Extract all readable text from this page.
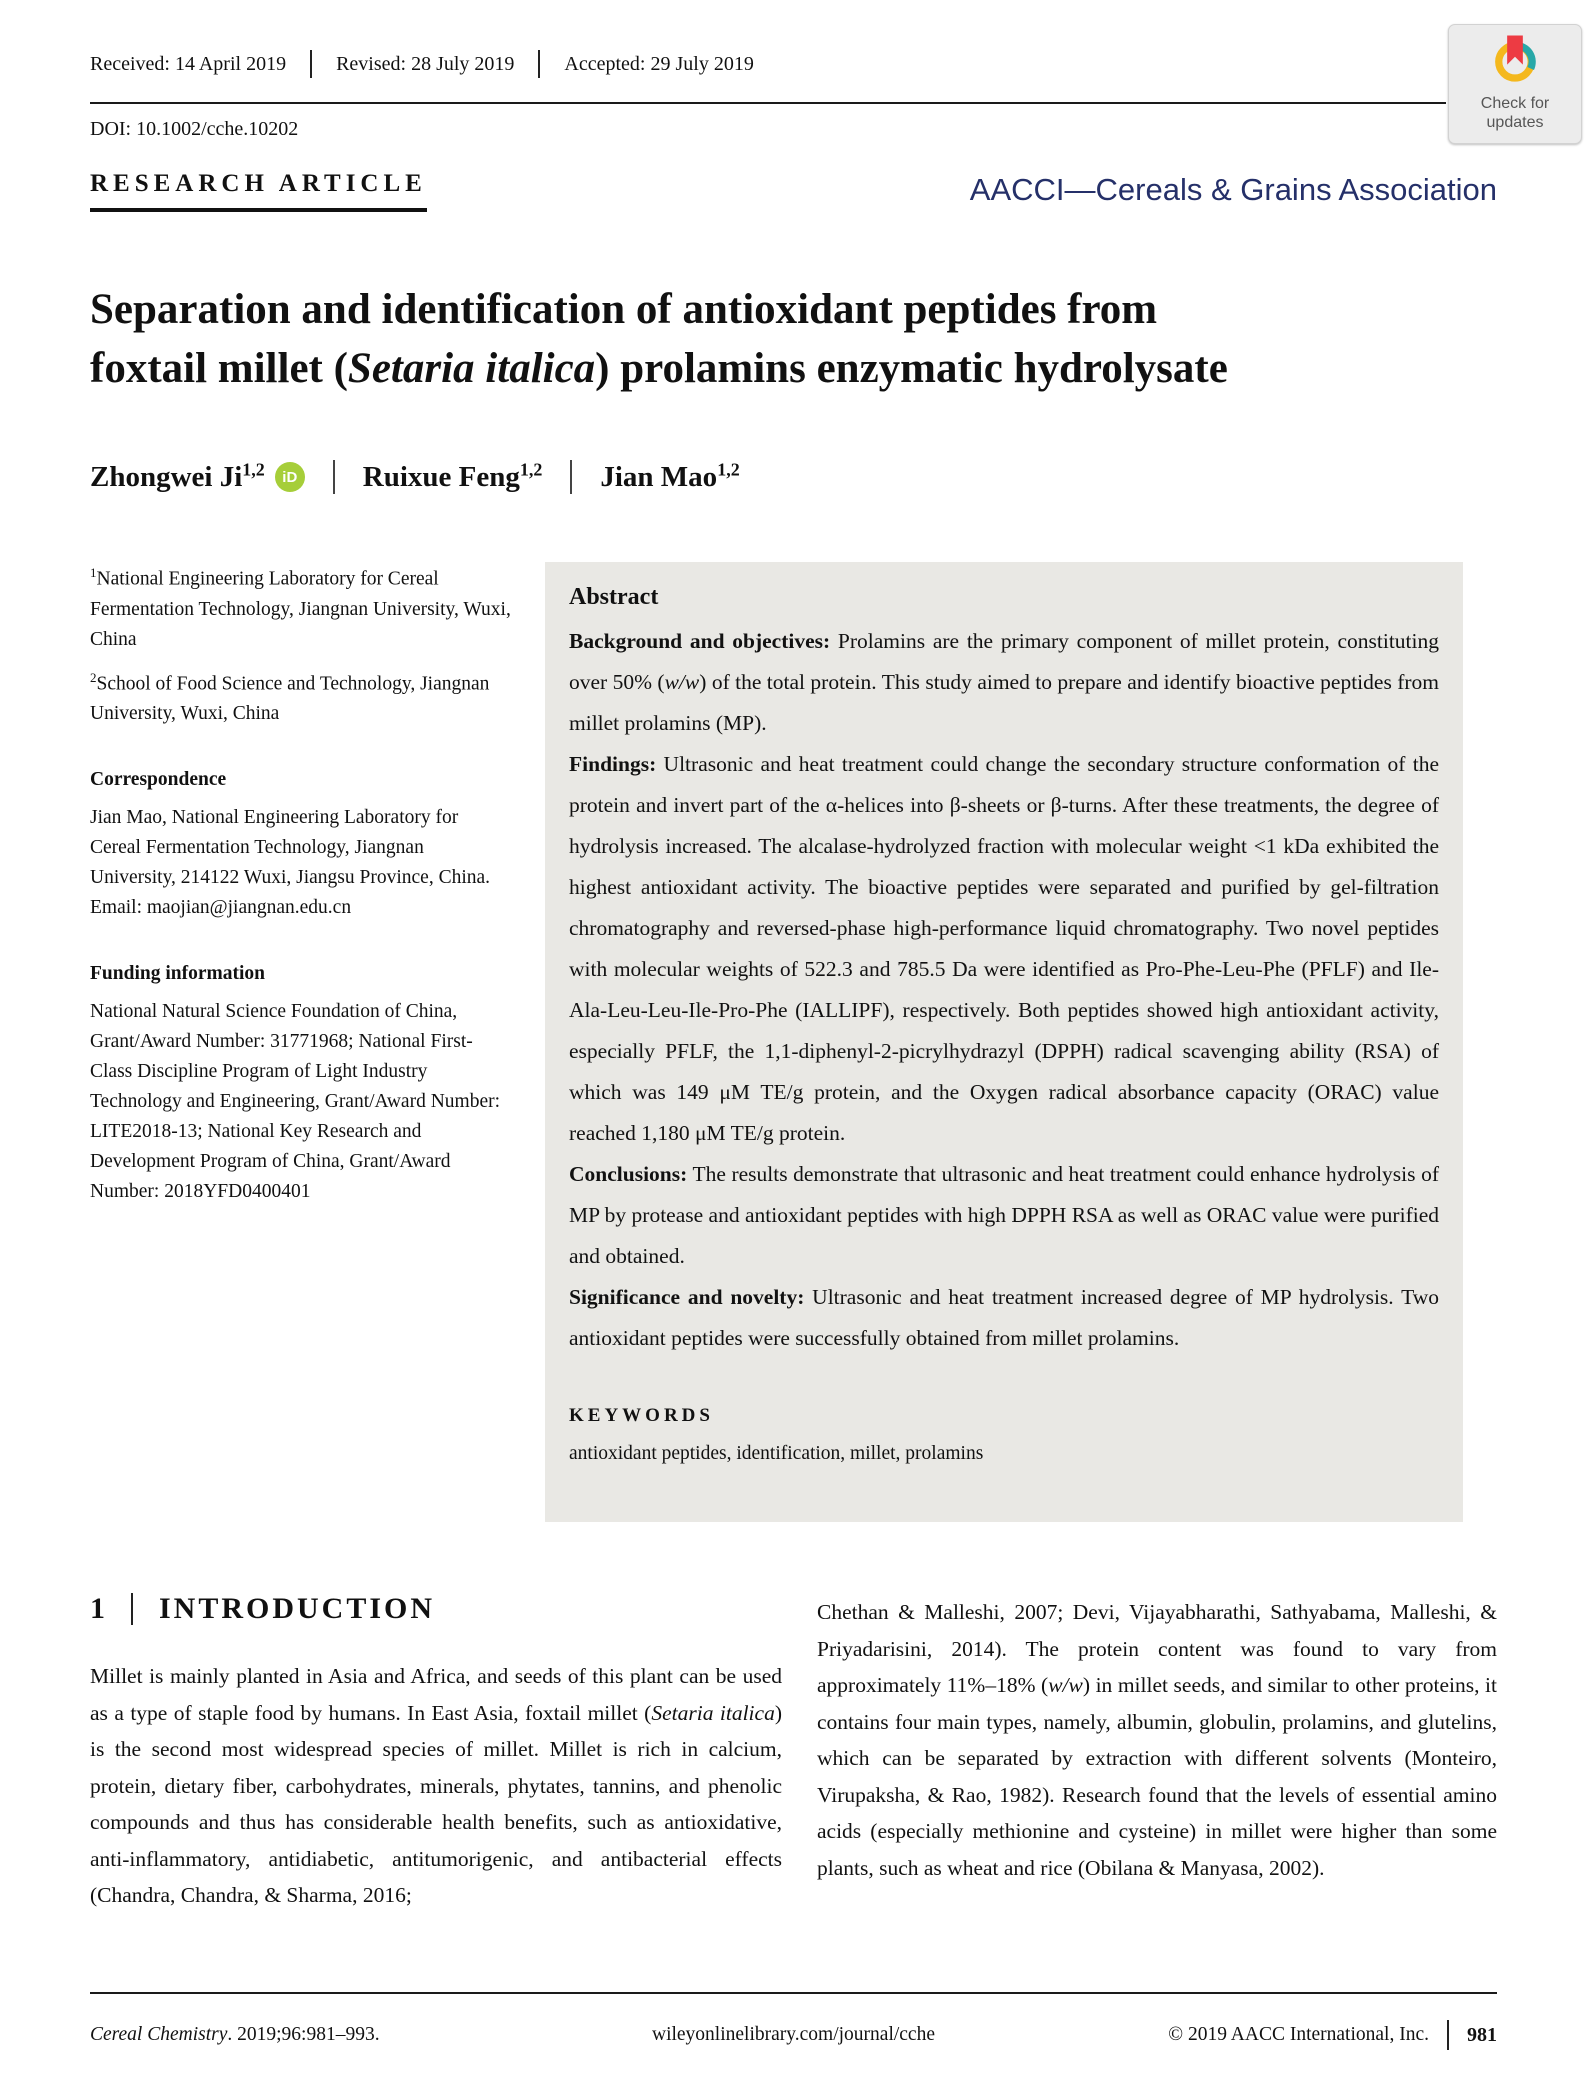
Received: 14 April 2019	Revised: 28 July 2019	Accepted: 29 July 2019
DOI: 10.1002/cche.10202
Check for
updates
RESEARCH ARTICLE	AACCI—Cereals & Grains Association
Separation and identification of antioxidant peptides from foxtail millet (Setaria italica) prolamins enzymatic hydrolysate
Zhongwei Ji$^{1,2}$	iD Ruixue Feng$^{1,2}$ Jian Mao$^{1,2}$

$^1$National Engineering Laboratory for Cereal Fermentation Technology, Jiangnan University, Wuxi, China

$^2$School of Food Science and Technology, Jiangnan University, Wuxi, China

Correspondence

Jian Mao, National Engineering Laboratory for Cereal Fermentation Technology, Jiangnan University, 214122 Wuxi, Jiangsu Province, China.

Email: maojian@jiangnan.edu.cn

Funding information

National Natural Science Foundation of China, Grant/Award Number: 31771968; National First-Class Discipline Program of Light Industry Technology and Engineering, Grant/Award Number: LITE2018-13; National Key Research and Development Program of China, Grant/Award Number: 2018YFD0400401

Abstract

Background and objectives: Prolamins are the primary component of millet protein, constituting over 50% (w/w) of the total protein. This study aimed to prepare and identify bioactive peptides from millet prolamins (MP).

Findings: Ultrasonic and heat treatment could change the secondary structure conformation of the protein and invert part of the α-helices into β-sheets or β-turns. After these treatments, the degree of hydrolysis increased. The alcalase-hydrolyzed fraction with molecular weight <1 kDa exhibited the highest antioxidant activity. The bioactive peptides were separated and purified by gel-filtration chromatography and reversed-phase high-performance liquid chromatography. Two novel peptides with molecular weights of 522.3 and 785.5 Da were identified as Pro-Phe-Leu-Phe (PFLF) and Ile-Ala-Leu-Leu-Ile-Pro-Phe (IALLIPF), respectively. Both peptides showed high antioxidant activity, especially PFLF, the 1,1-diphenyl-2-picrylhydrazyl (DPPH) radical scavenging ability (RSA) of which was 149 μM TE/g protein, and the Oxygen radical absorbance capacity (ORAC) value reached 1,180 μM TE/g protein.

Conclusions: The results demonstrate that ultrasonic and heat treatment could enhance hydrolysis of MP by protease and antioxidant peptides with high DPPH RSA as well as ORAC value were purified and obtained.

Significance and novelty: Ultrasonic and heat treatment increased degree of MP hydrolysis. Two antioxidant peptides were successfully obtained from millet prolamins.

KEYWORDS
antioxidant peptides, identification, millet, prolamins
1 INTRODUCTION
Millet is mainly planted in Asia and Africa, and seeds of this plant can be used as a type of staple food by humans. In East Asia, foxtail millet (Setaria italica) is the second most widespread species of millet. Millet is rich in calcium, protein, dietary fiber, carbohydrates, minerals, phytates, tannins, and phenolic compounds and thus has considerable health benefits, such as antioxidative, anti-inflammatory, antidiabetic, antitumorigenic, and antibacterial effects (Chandra, Chandra, & Sharma, 2016;
Chethan & Malleshi, 2007; Devi, Vijayabharathi, Sathyabama, Malleshi, & Priyadarisini, 2014). The protein content was found to vary from approximately 11%–18% (w/w) in millet seeds, and similar to other proteins, it contains four main types, namely, albumin, globulin, prolamins, and glutelins, which can be separated by extraction with different solvents (Monteiro, Virupaksha, & Rao, 1982). Research found that the levels of essential amino acids (especially methionine and cysteine) in millet were higher than some plants, such as wheat and rice (Obilana & Manyasa, 2002).
Cereal Chemistry. 2019;96:981–993.	wileyonlinelibrary.com/journal/cche	© 2019 AACC International, Inc. 981
